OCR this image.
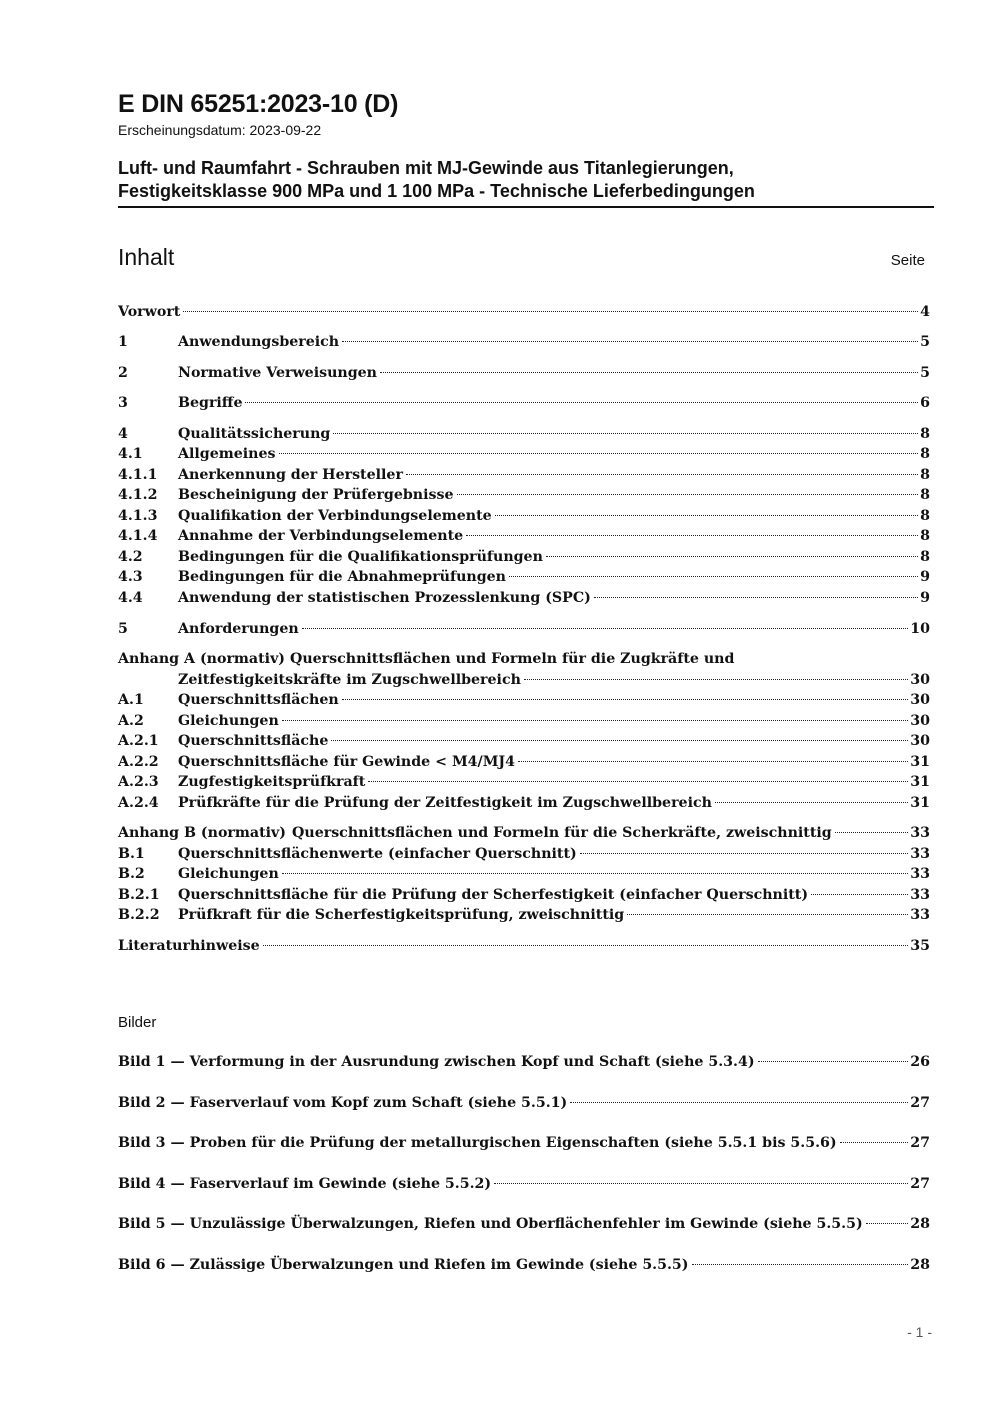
E DIN 65251:2023-10 (D)
Erscheinungsdatum: 2023-09-22
Luft- und Raumfahrt - Schrauben mit MJ-Gewinde aus Titanlegierungen,
Festigkeitsklasse 900 MPa und 1 100 MPa - Technische Lieferbedingungen
Inhalt	Seite
Vorwort	4
1	Anwendungsbereich	5
2	Normative Verweisungen	5
3	Begriffe	6
4	Qualitätssicherung	8
4.1	Allgemeines	8
4.1.1	Anerkennung der Hersteller	8
4.1.2	Bescheinigung der Prüfergebnisse	8
4.1.3	Qualifikation der Verbindungselemente	8
4.1.4	Annahme der Verbindungselemente	8
4.2	Bedingungen für die Qualifikationsprüfungen	8
4.3	Bedingungen für die Abnahmeprüfungen	9
4.4	Anwendung der statistischen Prozesslenkung (SPC)	9
5	Anforderungen	10
Anhang A (normativ) Querschnittsflächen und Formeln für die Zugkräfte und
Zeitfestigkeitskräfte im Zugschwellbereich	30
A.1	Querschnittsflächen	30
A.2	Gleichungen	30
A.2.1	Querschnittsfläche	30
A.2.2	Querschnittsfläche für Gewinde < M4/MJ4	31
A.2.3	Zugfestigkeitsprüfkraft	31
A.2.4	Prüfkräfte für die Prüfung der Zeitfestigkeit im Zugschwellbereich	31
Anhang B (normativ) Querschnittsflächen und Formeln für die Scherkräfte, zweischnittig	33
B.1	Querschnittsflächenwerte (einfacher Querschnitt)	33
B.2	Gleichungen	33
B.2.1	Querschnittsfläche für die Prüfung der Scherfestigkeit (einfacher Querschnitt)	33
B.2.2	Prüfkraft für die Scherfestigkeitsprüfung, zweischnittig	33
Literaturhinweise	35
Bilder
Bild 1 — Verformung in der Ausrundung zwischen Kopf und Schaft (siehe 5.3.4)	26
Bild 2 — Faserverlauf vom Kopf zum Schaft (siehe 5.5.1)	27
Bild 3 — Proben für die Prüfung der metallurgischen Eigenschaften (siehe 5.5.1 bis 5.5.6)	27
Bild 4 — Faserverlauf im Gewinde (siehe 5.5.2)	27
Bild 5 — Unzulässige Überwalzungen, Riefen und Oberflächenfehler im Gewinde (siehe 5.5.5)	28
Bild 6 — Zulässige Überwalzungen und Riefen im Gewinde (siehe 5.5.5)	28
- 1 -
